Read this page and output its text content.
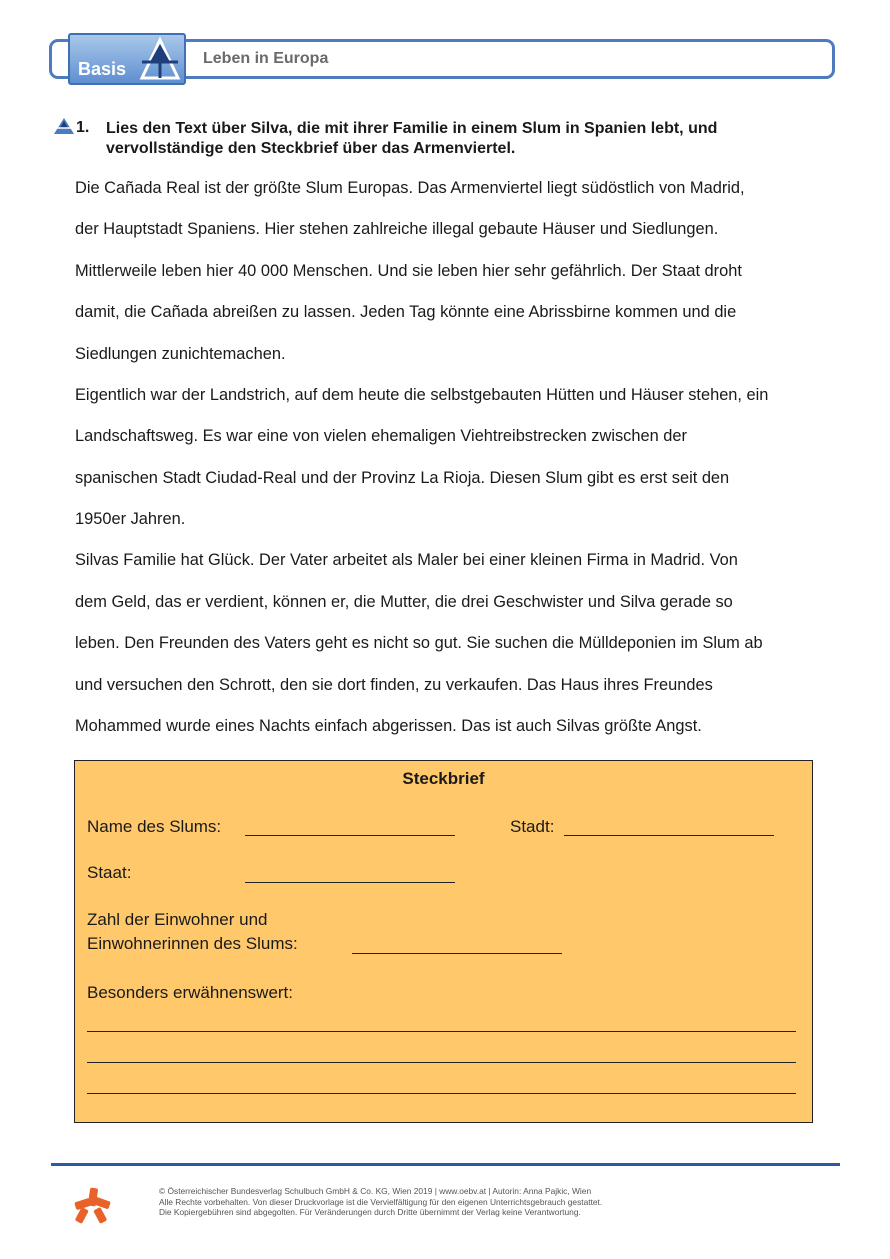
Basis
Leben in Europa
1. Lies den Text über Silva, die mit ihrer Familie in einem Slum in Spanien lebt, und
vervollständige den Steckbrief über das Armenviertel.
Die Cañada Real ist der größte Slum Europas. Das Armenviertel liegt südöstlich von Madrid,
der Hauptstadt Spaniens. Hier stehen zahlreiche illegal gebaute Häuser und Siedlungen.
Mittlerweile leben hier 40 000 Menschen. Und sie leben hier sehr gefährlich. Der Staat droht
damit, die Cañada abreißen zu lassen. Jeden Tag könnte eine Abrissbirne kommen und die
Siedlungen zunichtemachen.
Eigentlich war der Landstrich, auf dem heute die selbstgebauten Hütten und Häuser stehen, ein
Landschaftsweg. Es war eine von vielen ehemaligen Viehtreibstrecken zwischen der
spanischen Stadt Ciudad-Real und der Provinz La Rioja. Diesen Slum gibt es erst seit den
1950er Jahren.
Silvas Familie hat Glück. Der Vater arbeitet als Maler bei einer kleinen Firma in Madrid. Von
dem Geld, das er verdient, können er, die Mutter, die drei Geschwister und Silva gerade so
leben. Den Freunden des Vaters geht es nicht so gut. Sie suchen die Mülldeponien im Slum ab
und versuchen den Schrott, den sie dort finden, zu verkaufen. Das Haus ihres Freundes
Mohammed wurde eines Nachts einfach abgerissen. Das ist auch Silvas größte Angst.
Steckbrief
Name des Slums:	Stadt:
Staat:
Zahl der Einwohner und
Einwohnerinnen des Slums:
Besonders erwähnenswert:
© Österreichischer Bundesverlag Schulbuch GmbH & Co. KG, Wien 2019 | www.oebv.at | Autorin: Anna Pajkic, Wien
Alle Rechte vorbehalten. Von dieser Druckvorlage ist die Vervielfältigung für den eigenen Unterrichtsgebrauch gestattet.
Die Kopiergebühren sind abgegolten. Für Veränderungen durch Dritte übernimmt der Verlag keine Verantwortung.
